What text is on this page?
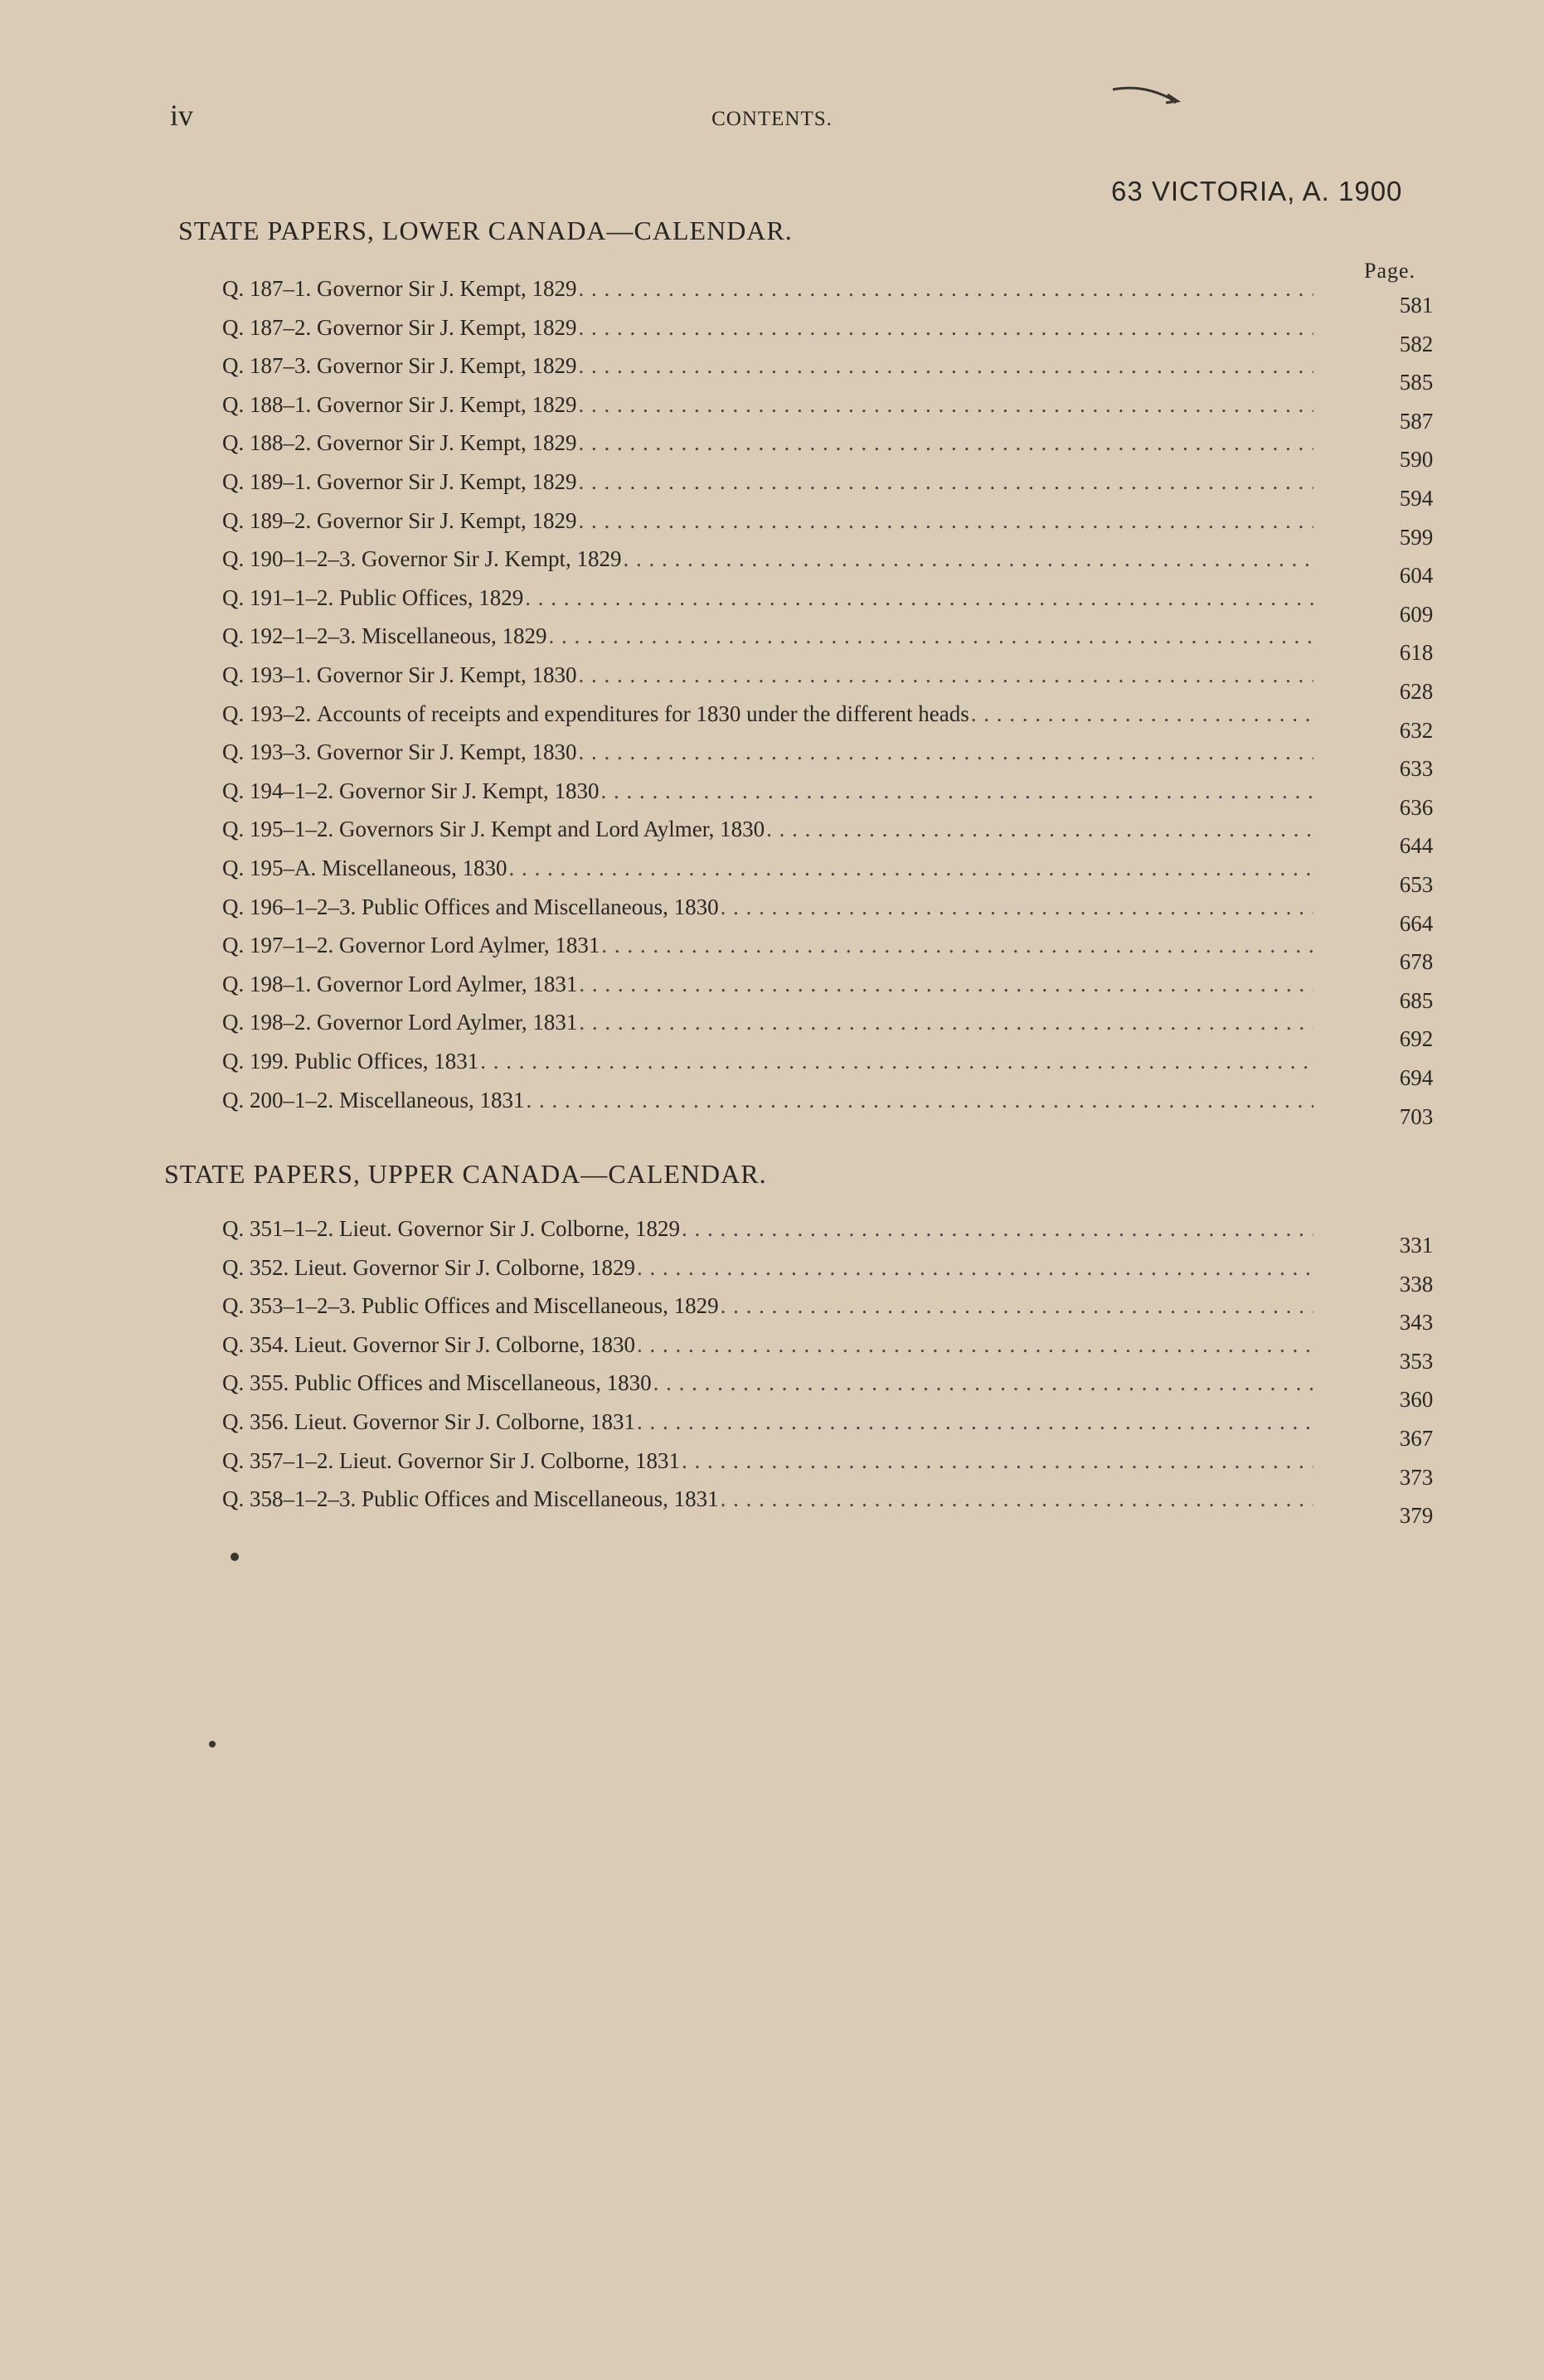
iv	CONTENTS.
63 VICTORIA, A. 1900
STATE PAPERS, LOWER CANADA—CALENDAR.
Page.
Q. 187–1.
Governor Sir J. Kempt, 1829
. . .
581
Q. 187–2.
Governor Sir J. Kempt, 1829
. . .
582
Q. 187–3.
Governor Sir J. Kempt, 1829
. . .
585
Q. 188–1.
Governor Sir J. Kempt, 1829
. . .
587
Q. 188–2.
Governor Sir J. Kempt, 1829
. . .
590
Q. 189–1.
Governor Sir J. Kempt, 1829
. . .
594
Q. 189–2.
Governor Sir J. Kempt, 1829
. . .
599
Q. 190–1–2–3.
Governor Sir J. Kempt, 1829
. . .
604
Q. 191–1–2.
Public Offices, 1829
. . .
609
Q. 192–1–2–3.
Miscellaneous, 1829
. . .
618
Q. 193–1.
Governor Sir J. Kempt, 1830
. . .
628
Q. 193–2.
Accounts of receipts and expenditures for 1830 under the different heads
. . .
632
Q. 193–3.
Governor Sir J. Kempt, 1830
. . .
633
Q. 194–1–2.
Governor Sir J. Kempt, 1830
. . .
636
Q. 195–1–2.
Governors Sir J. Kempt and Lord Aylmer, 1830
. . .
644
Q. 195–A.
Miscellaneous, 1830
. . .
653
Q. 196–1–2–3.
Public Offices and Miscellaneous, 1830
. . .
664
Q. 197–1–2.
Governor Lord Aylmer, 1831
. . .
678
Q. 198–1.
Governor Lord Aylmer, 1831
. . .
685
Q. 198–2.
Governor Lord Aylmer, 1831
. . .
692
Q. 199.
Public Offices, 1831
. . .
694
Q. 200–1–2.
Miscellaneous, 1831
. . .
703
STATE PAPERS, UPPER CANADA—CALENDAR.
Q. 351–1–2.
Lieut. Governor Sir J. Colborne, 1829
. . .
331
Q. 352.
Lieut. Governor Sir J. Colborne, 1829
. . .
338
Q. 353–1–2–3.
Public Offices and Miscellaneous, 1829
. . .
343
Q. 354.
Lieut. Governor Sir J. Colborne, 1830
. . .
353
Q. 355.
Public Offices and Miscellaneous, 1830
. . .
360
Q. 356.
Lieut. Governor Sir J. Colborne, 1831
. . .
367
Q. 357–1–2.
Lieut. Governor Sir J. Colborne, 1831
. . .
373
Q. 358–1–2–3.
Public Offices and Miscellaneous, 1831
. . .
379
